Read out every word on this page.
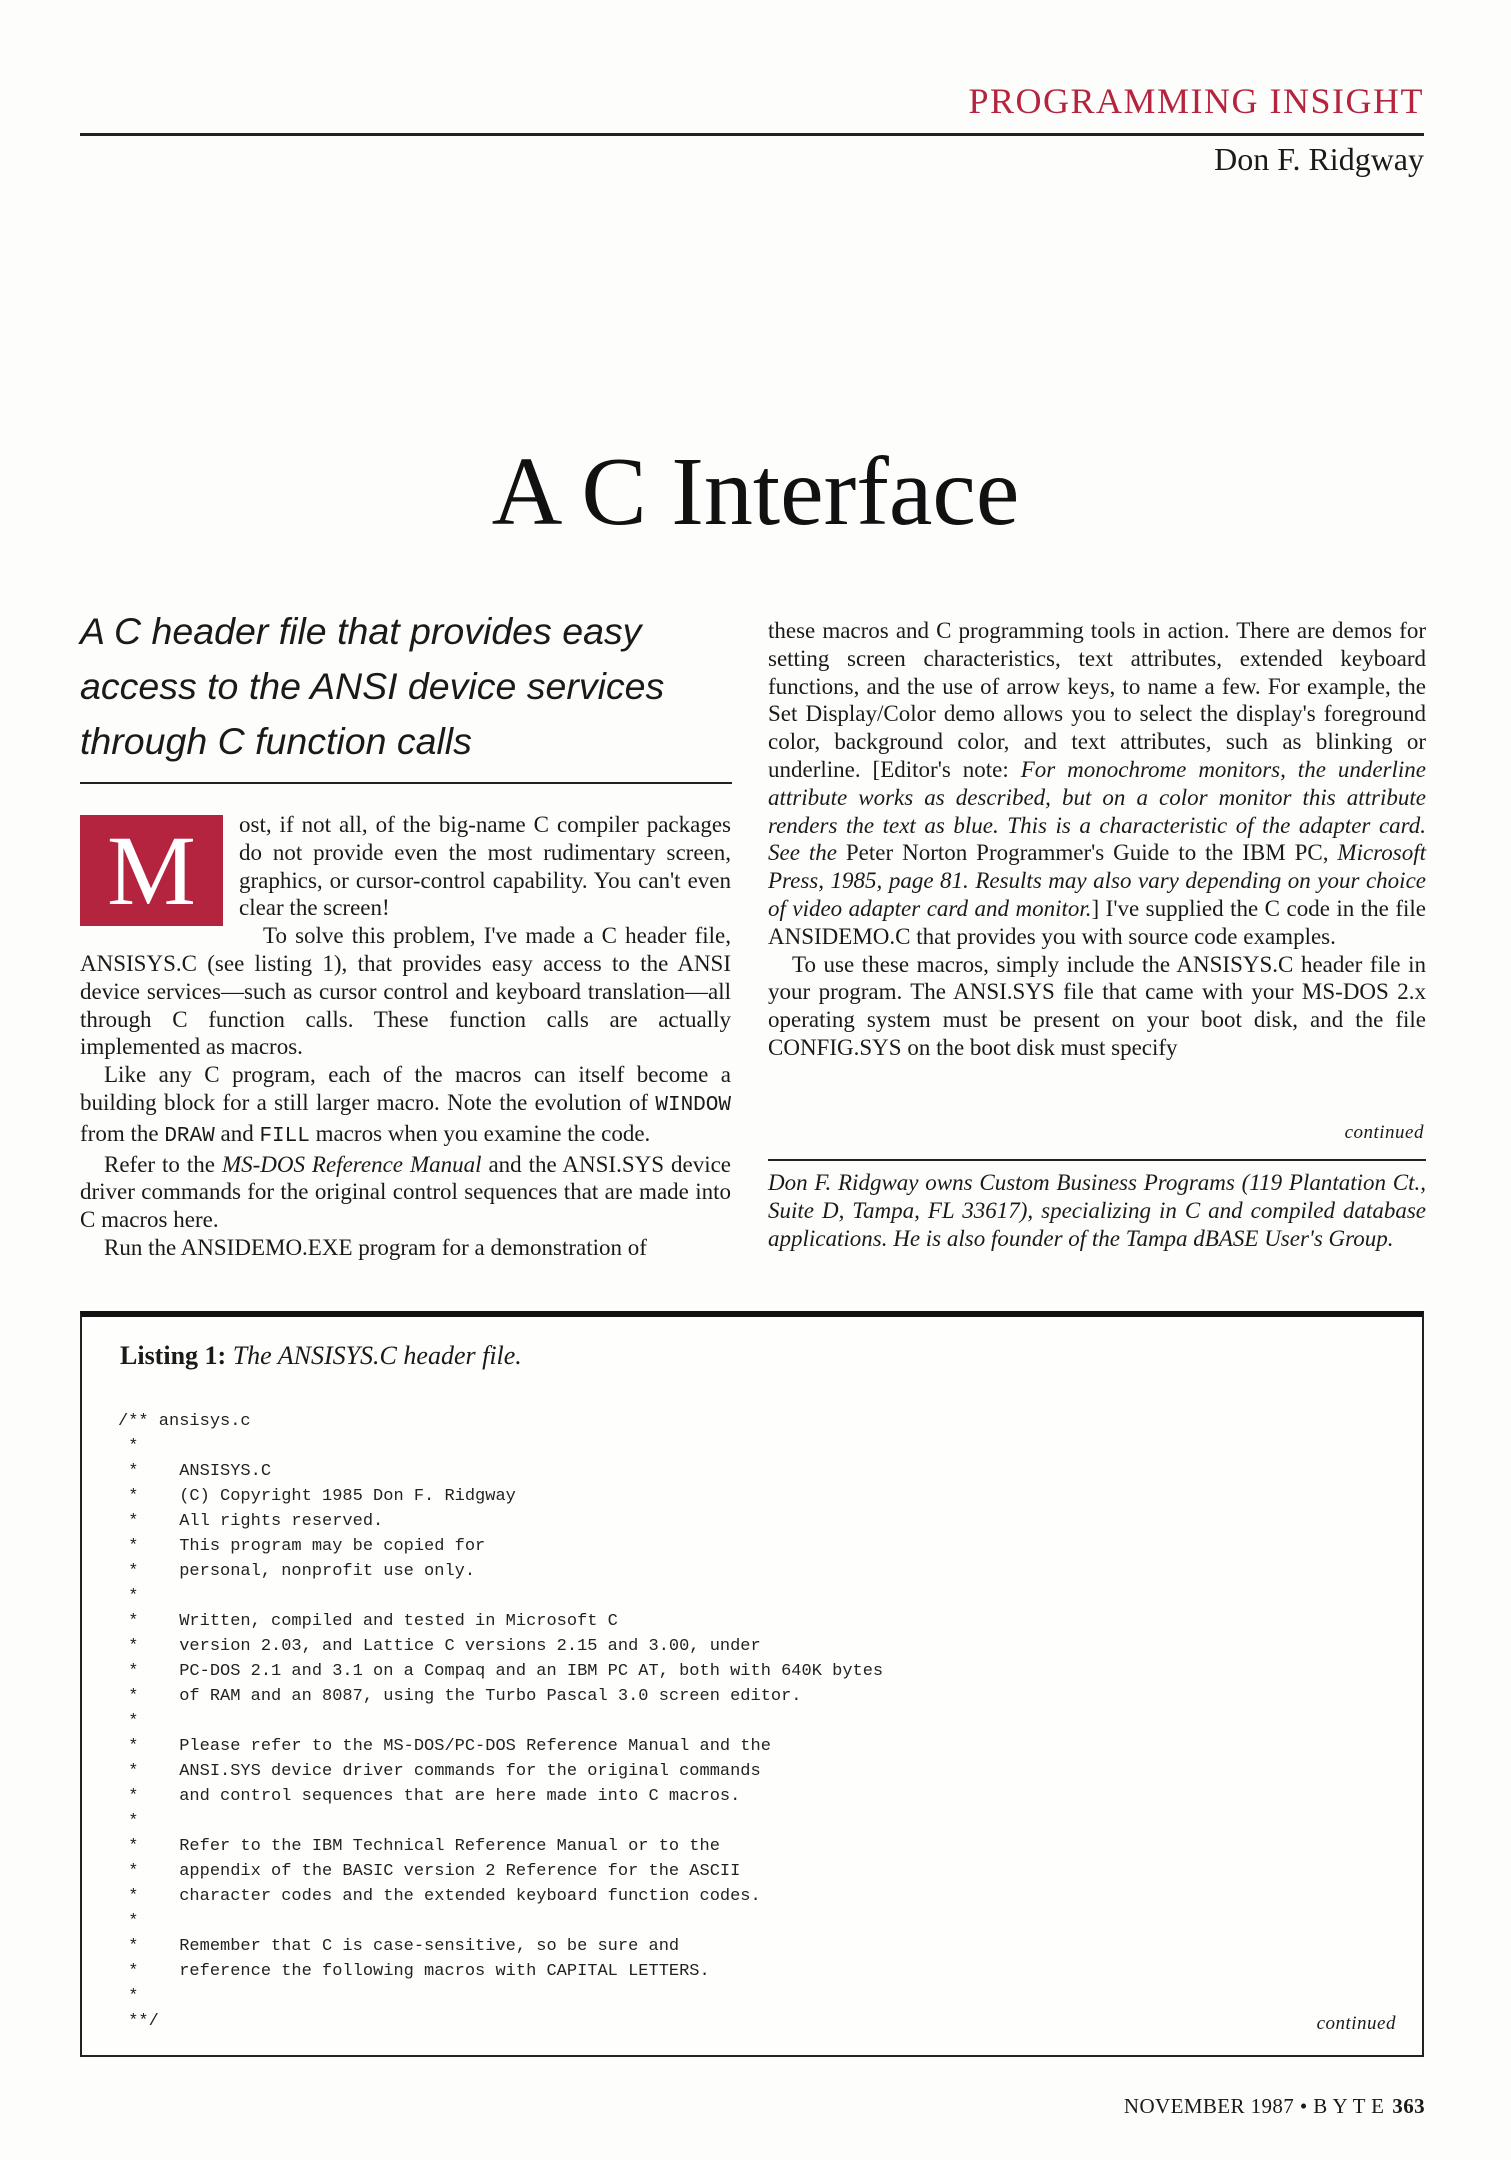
PROGRAMMING INSIGHT
Don F. Ridgway
A C Interface
A C header file that provides easy
access to the ANSI device services
through C function calls
M	ost, if not all, of the big-name C compiler packages do not provide even the most rudimentary screen, graphics, or cursor-control capability. You can't even clear the screen!

To solve this problem, I've made a C header file, ANSISYS.C (see listing 1), that provides easy access to the ANSI device services—such as cursor control and keyboard translation—all through C function calls. These function calls are actually implemented as macros.

Like any C program, each of the macros can itself become a building block for a still larger macro. Note the evolution of WINDOW from the DRAW and FILL macros when you examine the code.

Refer to the MS-DOS Reference Manual and the ANSI.SYS device driver commands for the original control sequences that are made into C macros here.

Run the ANSIDEMO.EXE program for a demonstration of

these macros and C programming tools in action. There are demos for setting screen characteristics, text attributes, extended keyboard functions, and the use of arrow keys, to name a few. For example, the Set Display/Color demo allows you to select the display's foreground color, background color, and text attributes, such as blinking or underline. [Editor's note: For monochrome monitors, the underline attribute works as described, but on a color monitor this attribute renders the text as blue. This is a characteristic of the adapter card. See the Peter Norton Programmer's Guide to the IBM PC, Microsoft Press, 1985, page 81. Results may also vary depending on your choice of video adapter card and monitor.] I've supplied the C code in the file ANSIDEMO.C that provides you with source code examples.

To use these macros, simply include the ANSISYS.C header file in your program. The ANSI.SYS file that came with your MS-DOS 2.x operating system must be present on your boot disk, and the file CONFIG.SYS on the boot disk must specify

continued

Don F. Ridgway owns Custom Business Programs (119 Plantation Ct., Suite D, Tampa, FL 33617), specializing in C and compiled database applications. He is also founder of the Tampa dBASE User's Group.

Listing 1: The ANSISYS.C header file.
/** ansisys.c
*
*    ANSISYS.C
*    (C) Copyright 1985 Don F. Ridgway
*    All rights reserved.
*    This program may be copied for
*    personal, nonprofit use only.
*
*    Written, compiled and tested in Microsoft C
*    version 2.03, and Lattice C versions 2.15 and 3.00, under
*    PC-DOS 2.1 and 3.1 on a Compaq and an IBM PC AT, both with 640K bytes
*    of RAM and an 8087, using the Turbo Pascal 3.0 screen editor.
*
*    Please refer to the MS-DOS/PC-DOS Reference Manual and the
*    ANSI.SYS device driver commands for the original commands
*    and control sequences that are here made into C macros.
*
*    Refer to the IBM Technical Reference Manual or to the
*    appendix of the BASIC version 2 Reference for the ASCII
*    character codes and the extended keyboard function codes.
*
*    Remember that C is case-sensitive, so be sure and
*    reference the following macros with CAPITAL LETTERS.
*
**/	continued
NOVEMBER 1987 • B Y T E 363
